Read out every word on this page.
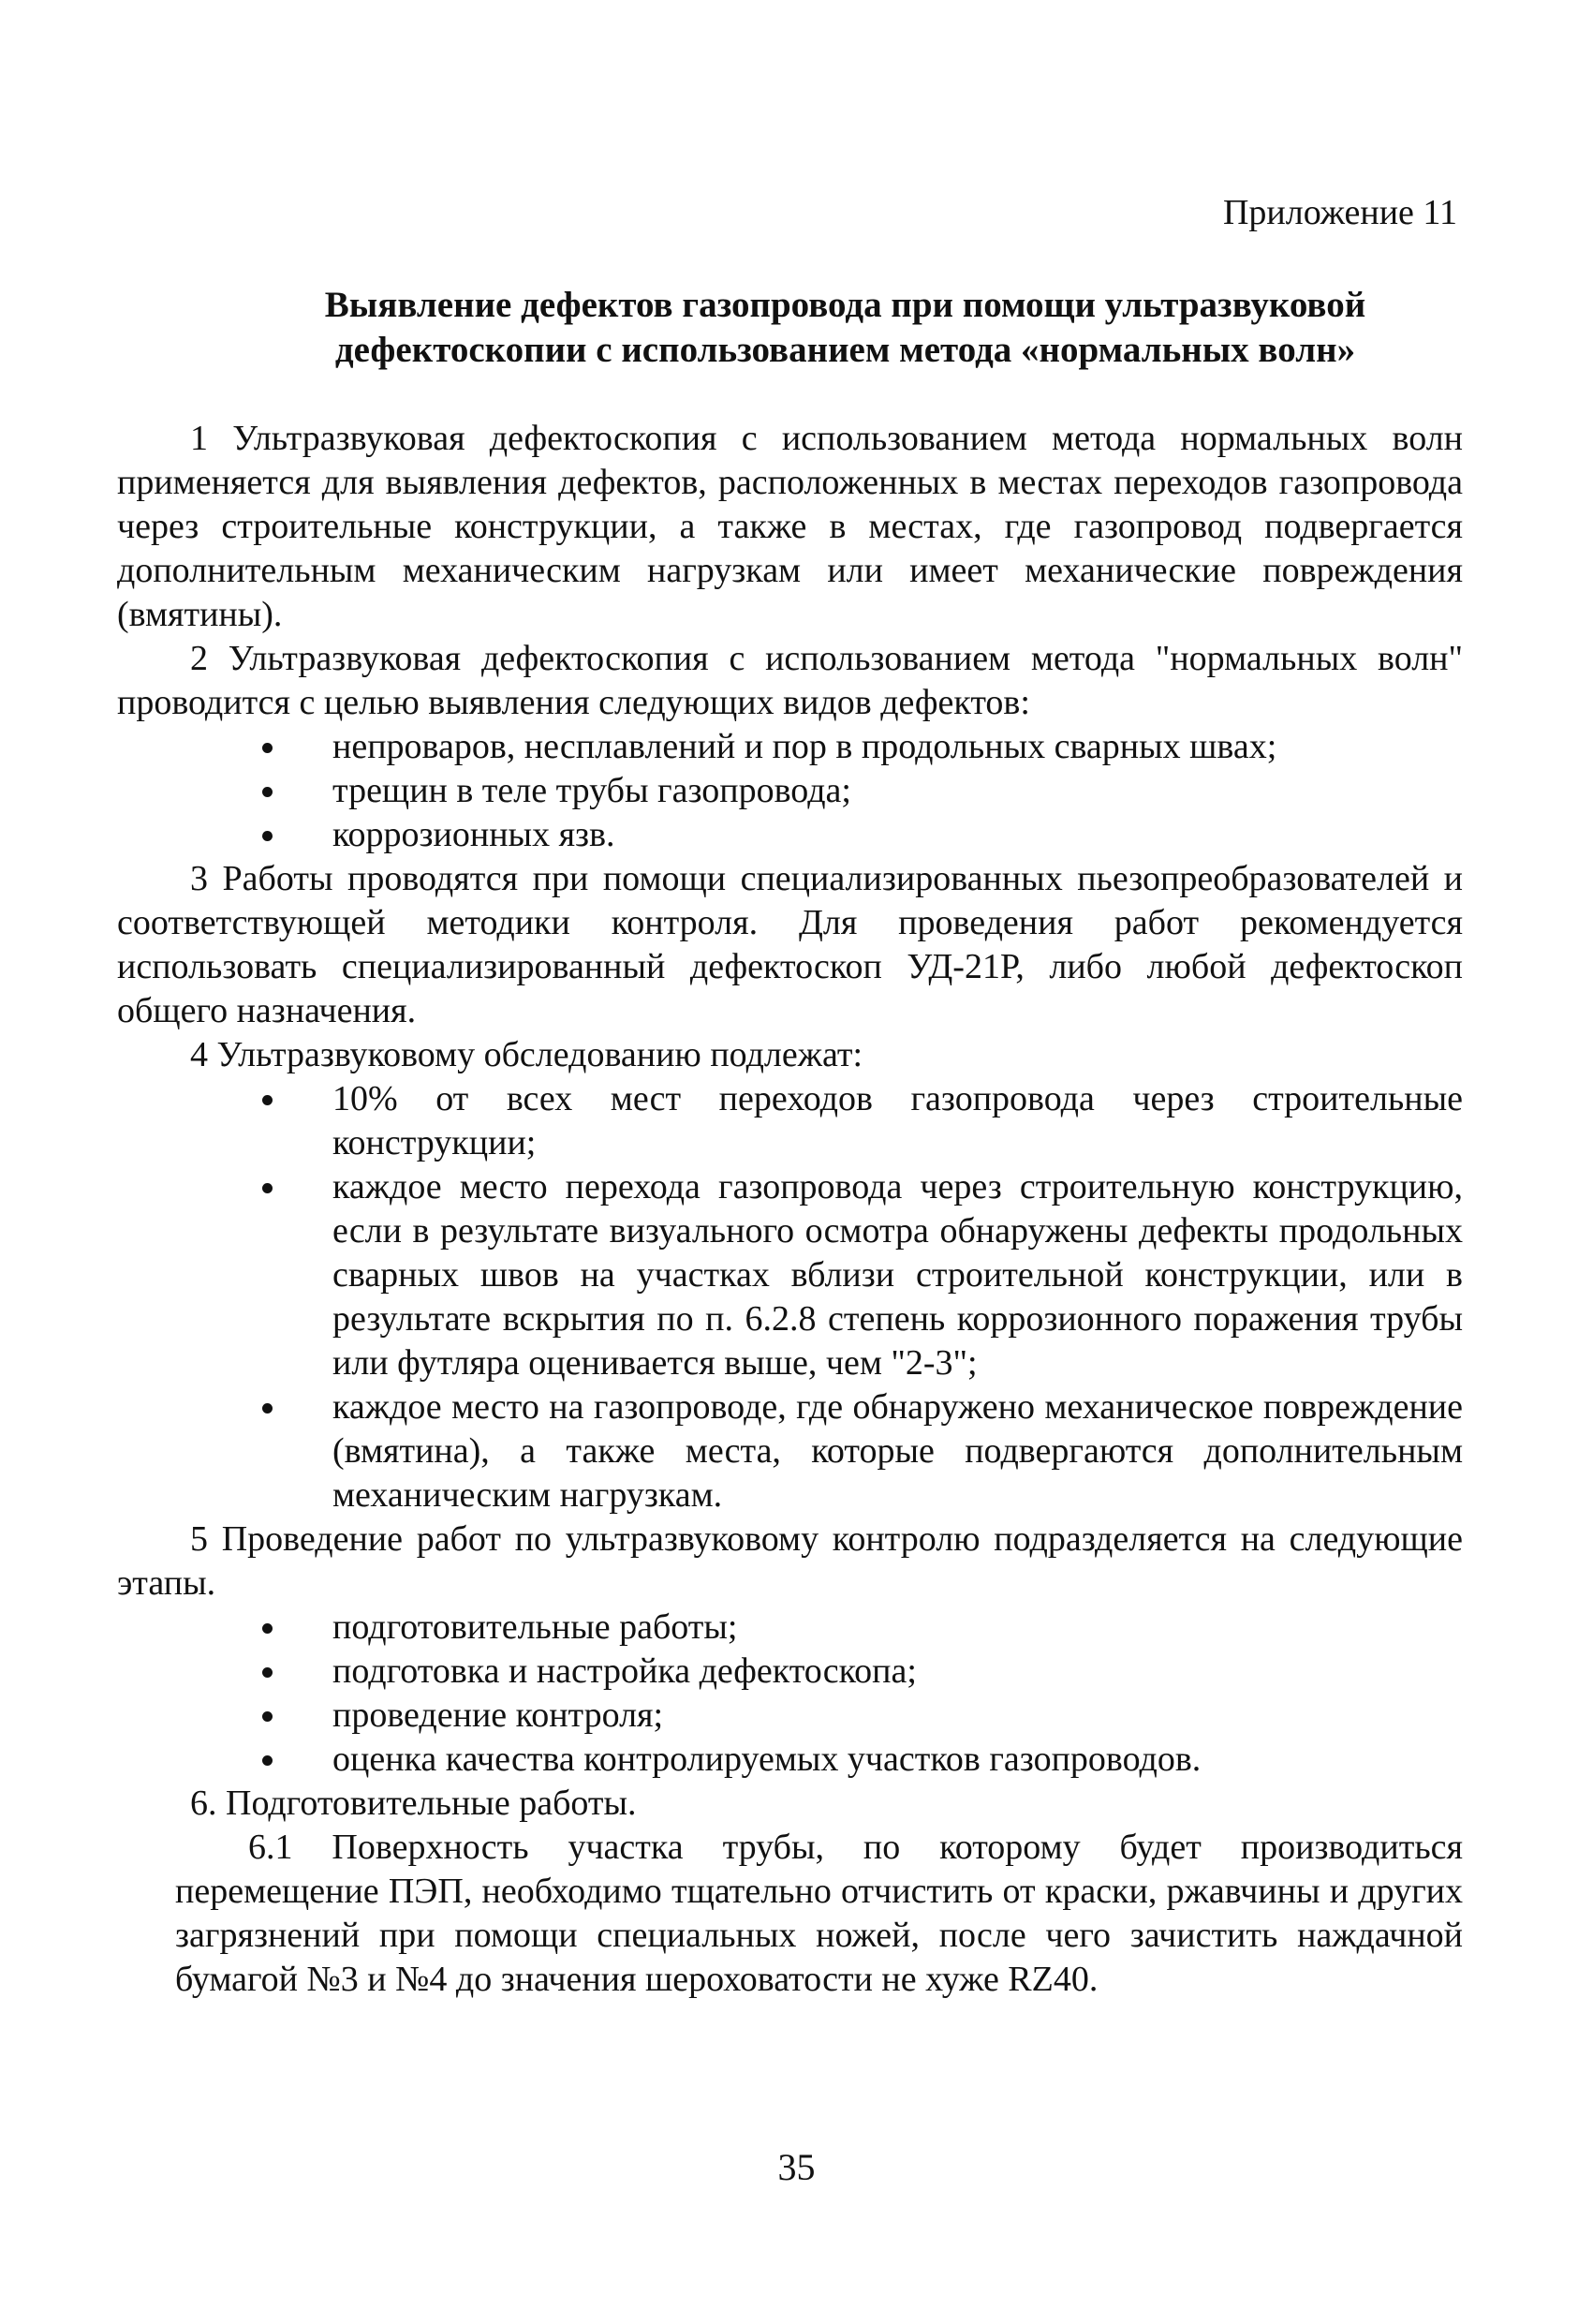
Приложение 11

Выявление дефектов газопровода при помощи ультразвуковой
дефектоскопии с использованием метода «нормальных волн»

1 Ультразвуковая дефектоскопия с использованием метода нормальных волн применяется для выявления дефектов, расположенных в местах переходов газопровода через строительные конструкции, а также в местах, где газопровод подвергается дополнительным механическим нагрузкам или имеет механические повреждения (вмятины).

2 Ультразвуковая дефектоскопия с использованием метода "нормальных волн" проводится с целью выявления следующих видов дефектов:

непроваров, несплавлений и пор в продольных сварных швах;
трещин в теле трубы газопровода;
коррозионных язв.

3 Работы проводятся при помощи специализированных пьезопреобразователей и соответствующей методики контроля. Для проведения работ рекомендуется использовать специализированный дефектоскоп УД-21Р, либо любой дефектоскоп общего назначения.

4 Ультразвуковому обследованию подлежат:

10% от всех мест переходов газопровода через строительные конструкции;
каждое место перехода газопровода через строительную конструкцию, если в результате визуального осмотра обнаружены дефекты продольных сварных швов на участках вблизи строительной конструкции, или в результате вскрытия по п. 6.2.8 степень коррозионного поражения трубы или футляра оценивается выше, чем "2-3";
каждое место на газопроводе, где обнаружено механическое повреждение (вмятина), а также места, которые подвергаются дополнительным механическим нагрузкам.

5 Проведение работ по ультразвуковому контролю подразделяется на следующие этапы.

подготовительные работы;
подготовка и настройка дефектоскопа;
проведение контроля;
оценка качества контролируемых участков газопроводов.

6. Подготовительные работы.

6.1 Поверхность участка трубы, по которому будет производиться перемещение ПЭП, необходимо тщательно отчистить от краски, ржавчины и других загрязнений при помощи специальных ножей, после чего зачистить наждачной бумагой №3 и №4 до значения шероховатости не хуже RZ40.

35
